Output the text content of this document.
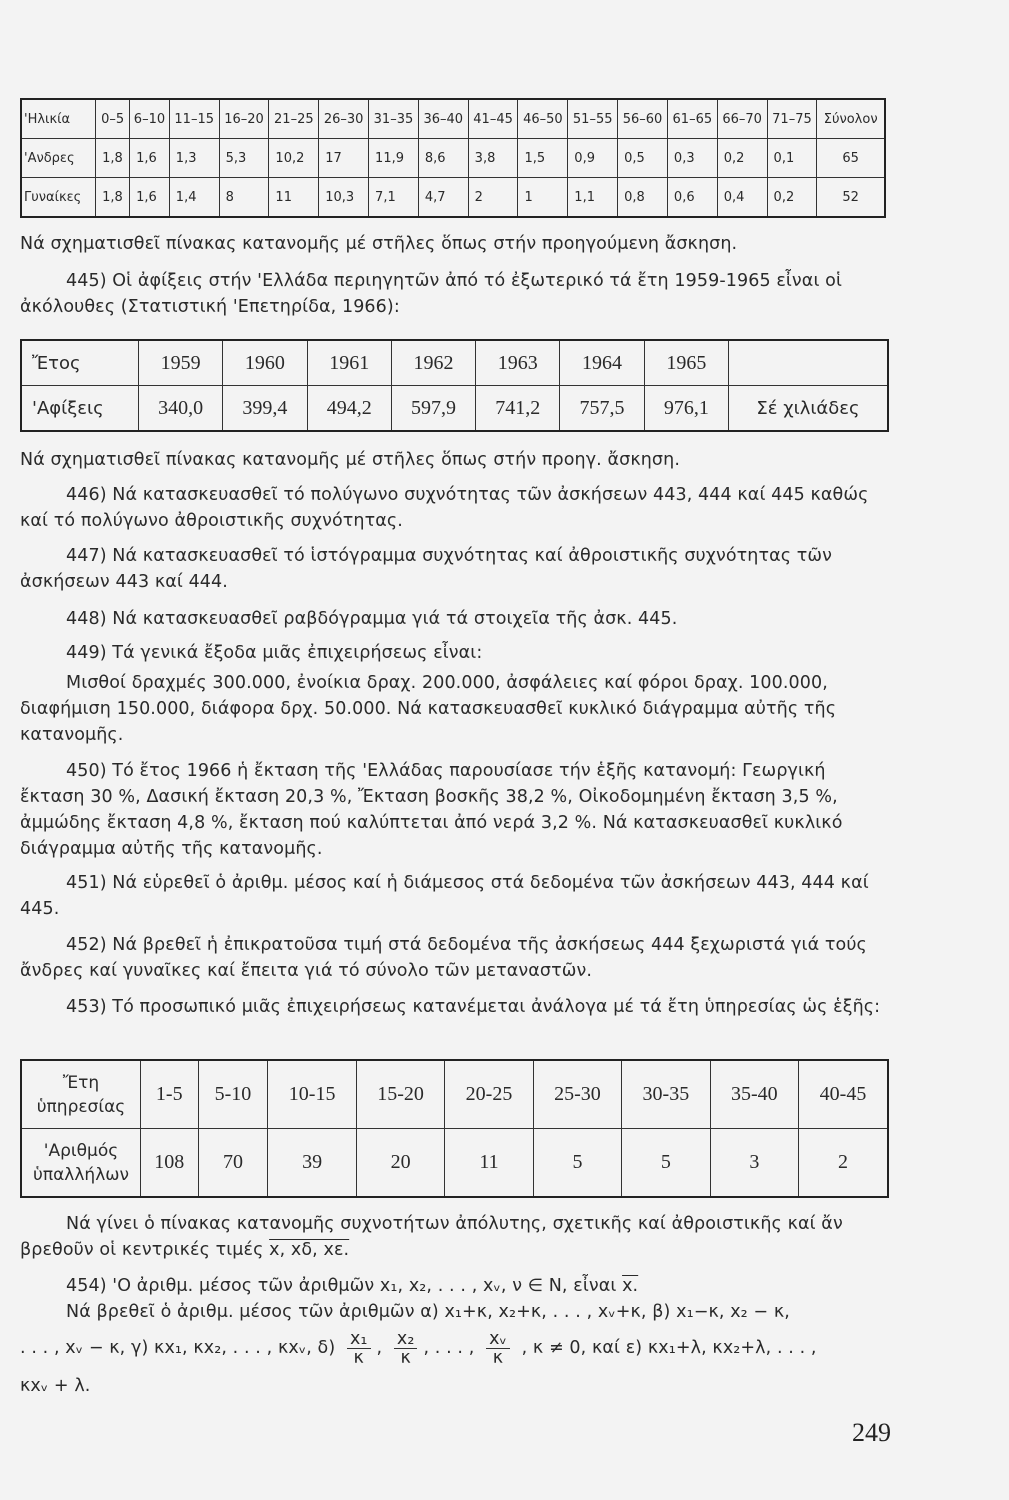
'Ηλικία	0–5	6–10	11–15	16–20	21–25	26–30	31–35	36–40	41–45	46–50	51–55	56–60	61–65	66–70	71–75	Σύνολον
'Ανδρες	1,8	1,6	1,3	5,3	10,2	17	11,9	8,6	3,8	1,5	0,9	0,5	0,3	0,2	0,1	65
Γυναίκες	1,8	1,6	1,4	8	11	10,3	7,1	4,7	2	1	1,1	0,8	0,6	0,4	0,2	52

Νά σχηματισθεῖ πίνακας κατανομῆς μέ στῆλες ὅπως στήν προηγούμενη ἄσκηση.

445) Οἱ ἀφίξεις στήν 'Ελλάδα περιηγητῶν ἀπό τό ἐξωτερικό τά ἔτη 1959-1965 εἶναι οἱ ἀκόλουθες (Στατιστική 'Επετηρίδα, 1966):

Ἔτος	1959	1960	1961	1962	1963	1964	1965	
'Αφίξεις	340,0	399,4	494,2	597,9	741,2	757,5	976,1	Σέ χιλιάδες

Νά σχηματισθεῖ πίνακας κατανομῆς μέ στῆλες ὅπως στήν προηγ. ἄσκηση.

446) Νά κατασκευασθεῖ τό πολύγωνο συχνότητας τῶν ἀσκήσεων 443, 444 καί 445 καθώς καί τό πολύγωνο ἀθροιστικῆς συχνότητας.

447) Νά κατασκευασθεῖ τό ἱστόγραμμα συχνότητας καί ἀθροιστικῆς συχνότητας τῶν ἀσκήσεων 443 καί 444.

448) Νά κατασκευασθεῖ ραβδόγραμμα γιά τά στοιχεῖα τῆς ἀσκ. 445.

449) Τά γενικά ἔξοδα μιᾶς ἐπιχειρήσεως εἶναι:

Μισθοί δραχμές 300.000, ἐνοίκια δραχ. 200.000, ἀσφάλειες καί φόροι δραχ. 100.000, διαφήμιση 150.000, διάφορα δρχ. 50.000. Νά κατασκευασθεῖ κυκλικό διάγραμμα αὐτῆς τῆς κατανομῆς.

450) Τό ἔτος 1966 ἡ ἔκταση τῆς 'Ελλάδας παρουσίασε τήν ἑξῆς κατανομή: Γεωργική ἔκταση 30 %, Δασική ἔκταση 20,3 %, Ἔκταση βοσκῆς 38,2 %, Οἰκοδομημένη ἔκταση 3,5 %, ἀμμώδης ἔκταση 4,8 %, ἔκταση πού καλύπτεται ἀπό νερά 3,2 %. Νά κατασκευασθεῖ κυκλικό διάγραμμα αὐτῆς τῆς κατανομῆς.

451) Νά εὑρεθεῖ ὁ ἀριθμ. μέσος καί ἡ διάμεσος στά δεδομένα τῶν ἀσκήσεων 443, 444 καί 445.

452) Νά βρεθεῖ ἡ ἐπικρατοῦσα τιμή στά δεδομένα τῆς ἀσκήσεως 444 ξεχωριστά γιά τούς ἄνδρες καί γυναῖκες καί ἔπειτα γιά τό σύνολο τῶν μεταναστῶν.

453) Τό προσωπικό μιᾶς ἐπιχειρήσεως κατανέμεται ἀνάλογα μέ τά ἔτη ὑπηρεσίας ὡς ἑξῆς:

Ἔτη
ὑπηρεσίας	1-5	5-10	10-15	15-20	20-25	25-30	30-35	35-40	40-45
'Αριθμός
ὑπαλλήλων	108	70	39	20	11	5	5	3	2

Νά γίνει ὁ πίνακας κατανομῆς συχνοτήτων ἀπόλυτης, σχετικῆς καί ἀθροιστικῆς καί ἄν βρεθοῦν οἱ κεντρικές τιμές x, xδ, xε.

454) 'Ο ἀριθμ. μέσος τῶν ἀριθμῶν x₁, x₂, . . . , xᵥ, ν ∈ Ν, εἶναι x.

Νά βρεθεῖ ὁ ἀριθμ. μέσος τῶν ἀριθμῶν α) x₁+κ, x₂+κ, . . . , xᵥ+κ, β) x₁−κ, x₂ − κ,

. . . , xᵥ − κ, γ) κx₁, κx₂, . . . , κxᵥ, $\delta) \frac{\text{x₁}}{\kappa}$ , $\frac{\text{x₂}}{\kappa}$ , . . . , $\frac{\text{xᵥ}}{\kappa}$ , κ ≠ 0, καί ε) κx₁+λ, κx₂+λ, . . . ,

κxᵥ + λ.

249
